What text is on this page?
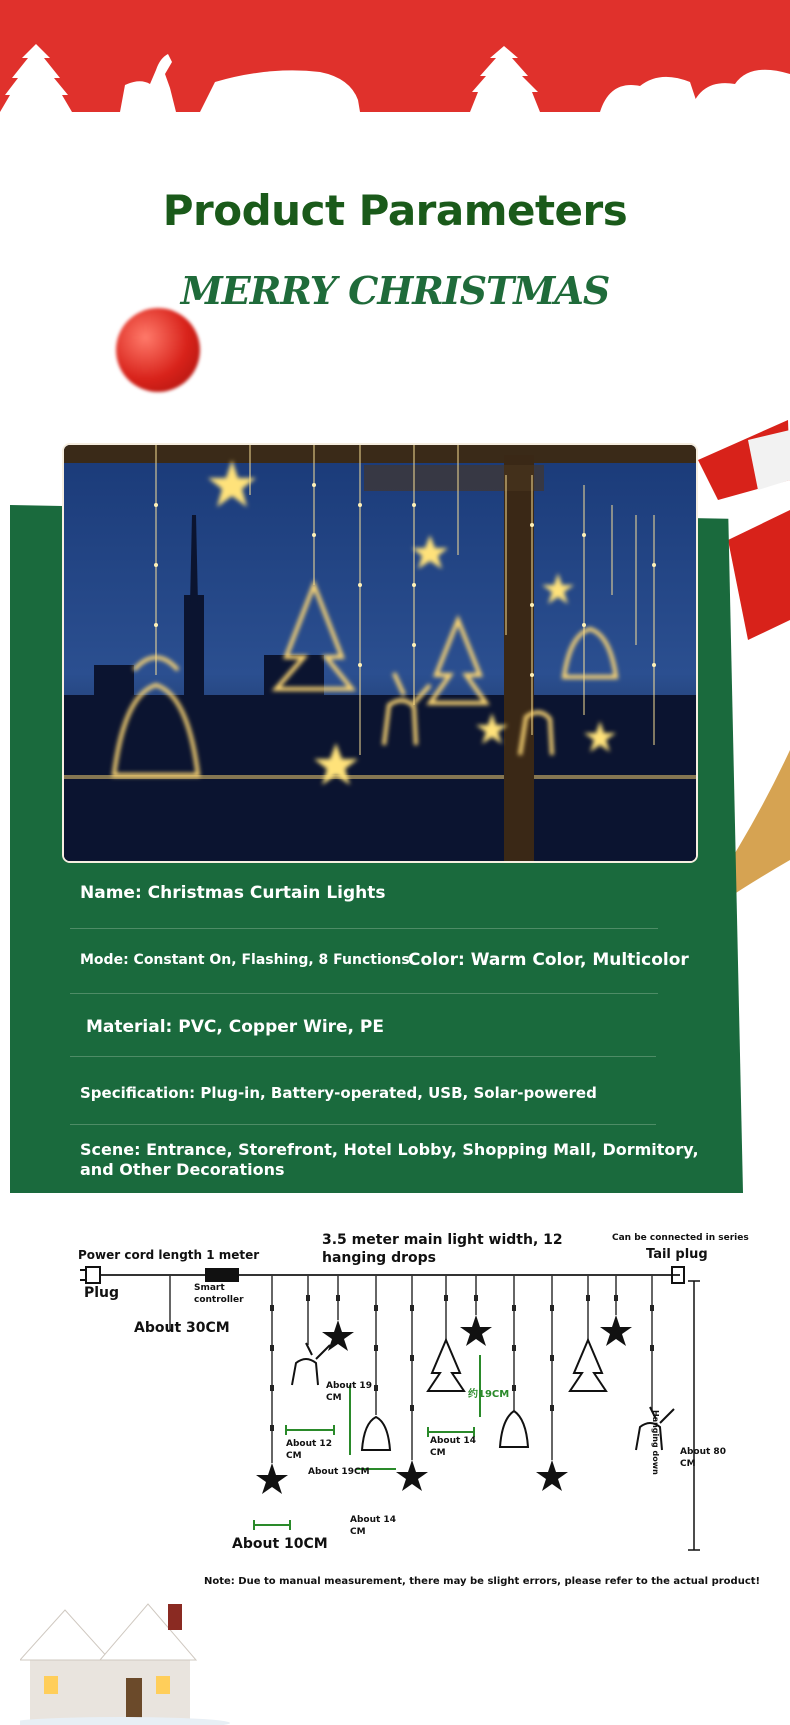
Product Parameters
MERRY CHRISTMAS
Name: Christmas Curtain Lights
Mode: Constant On, Flashing, 8 Functions
Color: Warm Color, Multicolor
Material: PVC, Copper Wire, PE
Specification: Plug-in, Battery-operated, USB, Solar-powered
Scene: Entrance, Storefront, Hotel Lobby, Shopping Mall, Dormitory, and Other Decorations
Power cord length 1 meter
Plug	Smart
controller
3.5 meter main light width, 12
hanging drops
Can be connected in series
Tail plug
About 30CM
About 19
CM
About 12
CM
About 19CM
About 14
CM
约19CM
About 14
CM	About 80
CM
Hanging down
About 10CM
Note: Due to manual measurement, there may be slight errors, please refer to the actual product!
